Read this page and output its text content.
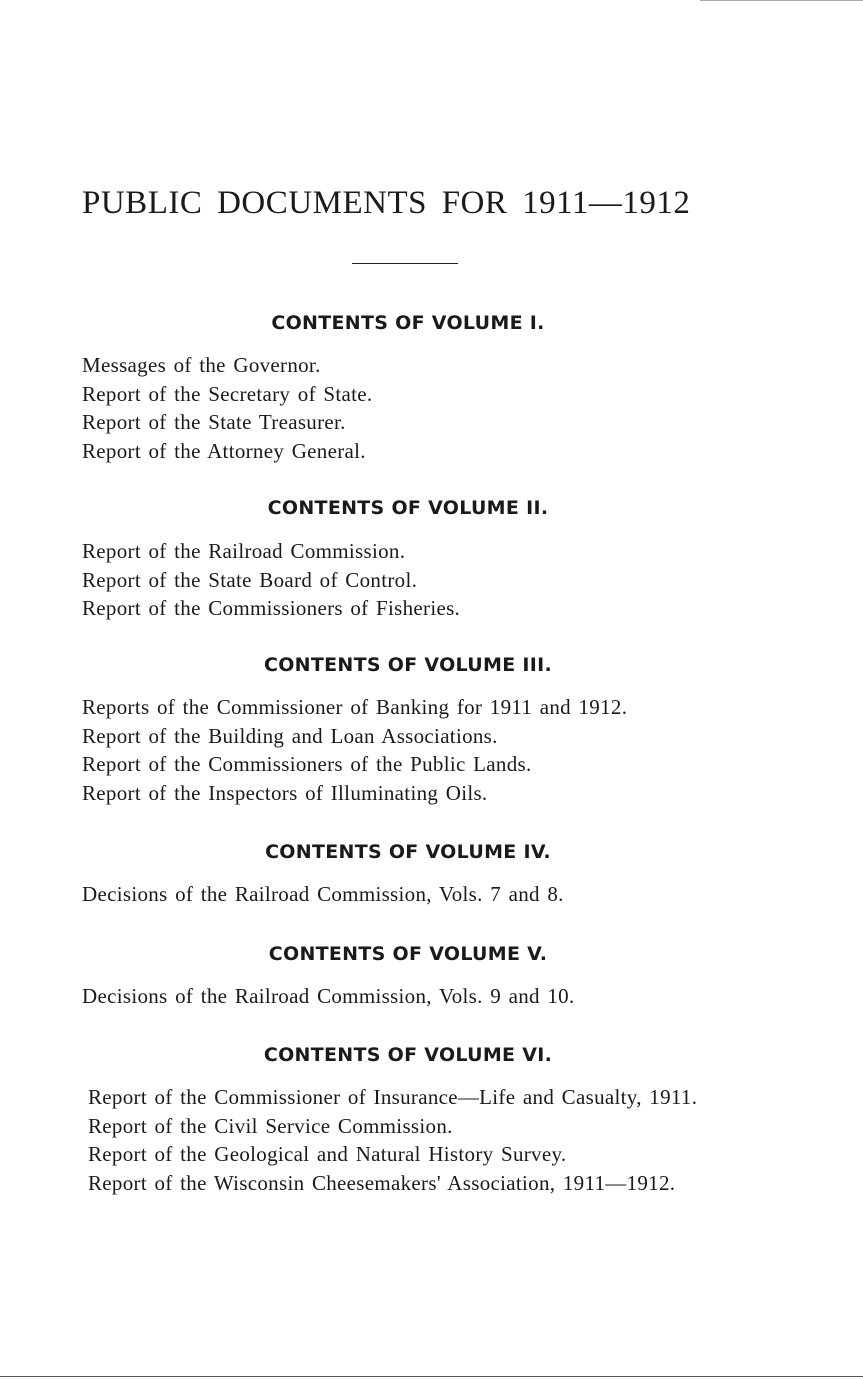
PUBLIC DOCUMENTS FOR 1911—1912
CONTENTS OF VOLUME I.
Messages of the Governor.
Report of the Secretary of State.
Report of the State Treasurer.
Report of the Attorney General.
CONTENTS OF VOLUME II.
Report of the Railroad Commission.
Report of the State Board of Control.
Report of the Commissioners of Fisheries.
CONTENTS OF VOLUME III.
Reports of the Commissioner of Banking for 1911 and 1912.
Report of the Building and Loan Associations.
Report of the Commissioners of the Public Lands.
Report of the Inspectors of Illuminating Oils.
CONTENTS OF VOLUME IV.
Decisions of the Railroad Commission, Vols. 7 and 8.
CONTENTS OF VOLUME V.
Decisions of the Railroad Commission, Vols. 9 and 10.
CONTENTS OF VOLUME VI.
Report of the Commissioner of Insurance—Life and Casualty, 1911.
Report of the Civil Service Commission.
Report of the Geological and Natural History Survey.
Report of the Wisconsin Cheesemakers' Association, 1911—1912.
